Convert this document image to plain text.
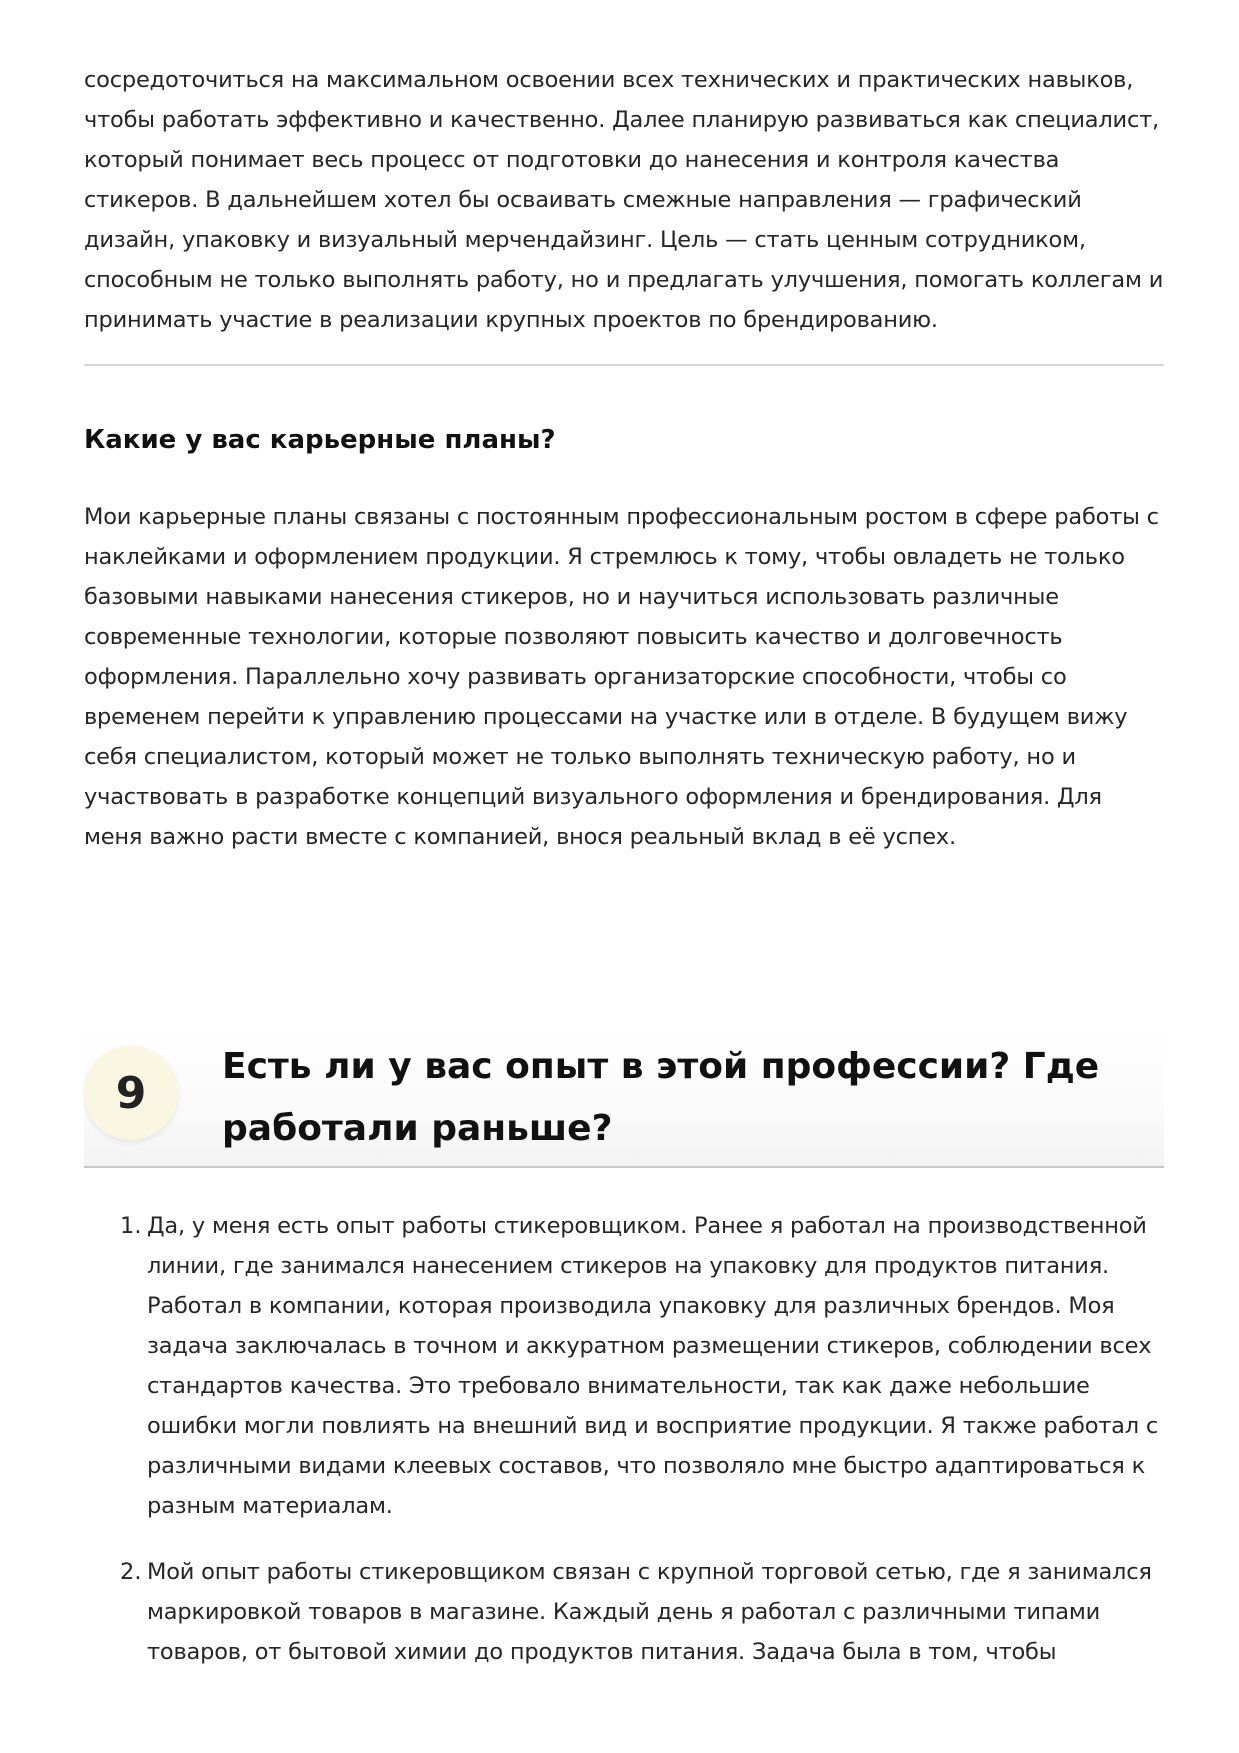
сосредоточиться на максимальном освоении всех технических и практических навыков, чтобы работать эффективно и качественно. Далее планирую развиваться как специалист, который понимает весь процесс от подготовки до нанесения и контроля качества стикеров. В дальнейшем хотел бы осваивать смежные направления — графический дизайн, упаковку и визуальный мерчендайзинг. Цель — стать ценным сотрудником, способным не только выполнять работу, но и предлагать улучшения, помогать коллегам и принимать участие в реализации крупных проектов по брендированию.

Какие у вас карьерные планы?

Мои карьерные планы связаны с постоянным профессиональным ростом в сфере работы с наклейками и оформлением продукции. Я стремлюсь к тому, чтобы овладеть не только базовыми навыками нанесения стикеров, но и научиться использовать различные современные технологии, которые позволяют повысить качество и долговечность оформления. Параллельно хочу развивать организаторские способности, чтобы со временем перейти к управлению процессами на участке или в отделе. В будущем вижу себя специалистом, который может не только выполнять техническую работу, но и участвовать в разработке концепций визуального оформления и брендирования. Для меня важно расти вместе с компанией, внося реальный вклад в её успех.

9
Есть ли у вас опыт в этой профессии? Где работали раньше?
1. Да, у меня есть опыт работы стикеровщиком. Ранее я работал на производственной линии, где занимался нанесением стикеров на упаковку для продуктов питания. Работал в компании, которая производила упаковку для различных брендов. Моя задача заключалась в точном и аккуратном размещении стикеров, соблюдении всех стандартов качества. Это требовало внимательности, так как даже небольшие ошибки могли повлиять на внешний вид и восприятие продукции. Я также работал с различными видами клеевых составов, что позволяло мне быстро адаптироваться к разным материалам.

2. Мой опыт работы стикеровщиком связан с крупной торговой сетью, где я занимался маркировкой товаров в магазине. Каждый день я работал с различными типами товаров, от бытовой химии до продуктов питания. Задача была в том, чтобы
